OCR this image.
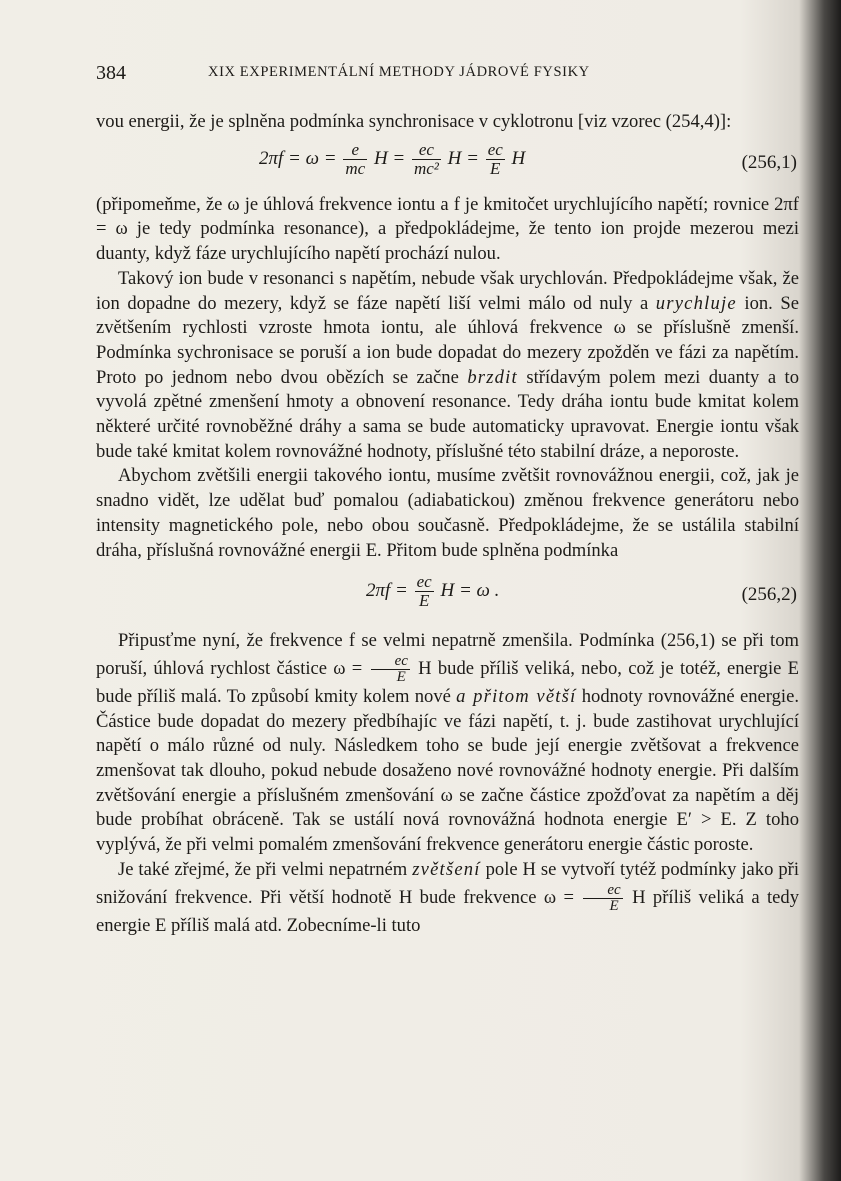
384	XIX EXPERIMENTÁLNÍ METHODY JÁDROVÉ FYSIKY

vou energii, že je splněna podmínka synchronisace v cyklotronu [viz vzorec (254,4)]:

$2\pi f = \omega = \frac{e}{mc}$ $H = \frac{ec}{\text{mc²}}$ $H = \frac{ec}{E}$ H	(256,1)

(připomeňme, že ω je úhlová frekvence iontu a f je kmitočet urychlujícího napětí; rovnice 2πf = ω je tedy podmínka resonance), a předpokládejme, že tento ion projde mezerou mezi duanty, když fáze urychlujícího napětí prochází nulou.

Takový ion bude v resonanci s napětím, nebude však urychlován. Předpokládejme však, že ion dopadne do mezery, když se fáze napětí liší velmi málo od nuly a urychluje ion. Se zvětšením rychlosti vzroste hmota iontu, ale úhlová frekvence ω se příslušně zmenší. Podmínka sychronisace se poruší a ion bude dopadat do mezery zpožděn ve fázi za napětím. Proto po jednom nebo dvou obězích se začne brzdit střídavým polem mezi duanty a to vyvolá zpětné zmenšení hmoty a obnovení resonance. Tedy dráha iontu bude kmitat kolem některé určité rovnoběžné dráhy a sama se bude automaticky upravovat. Energie iontu však bude také kmitat kolem rovnovážné hodnoty, příslušné této stabilní dráze, a neporoste.

Abychom zvětšili energii takového iontu, musíme zvětšit rovnovážnou energii, což, jak je snadno vidět, lze udělat buď pomalou (adiabatickou) změnou frekvence generátoru nebo intensity magnetického pole, nebo obou současně. Předpokládejme, že se ustálila stabilní dráha, příslušná rovnovážné energii E. Přitom bude splněna podmínka

$2\pi f = \frac{ec}{E}$ H = ω .	(256,2)

Připusťme nyní, že frekvence f se velmi nepatrně zmenšila. Podmínka (256,1) se při tom poruší, úhlová rychlost částice $\omega = \frac{ec}{E}$ H bude příliš veliká, nebo, což je totéž, energie E bude příliš malá. To způsobí kmity kolem nové a přitom větší hodnoty rovnovážné energie. Částice bude dopadat do mezery předbíhajíc ve fázi napětí, t. j. bude zastihovat urychlující napětí o málo různé od nuly. Následkem toho se bude její energie zvětšovat a frekvence zmenšovat tak dlouho, pokud nebude dosaženo nové rovnovážné hodnoty energie. Při dalším zvětšování energie a příslušném zmenšování ω se začne částice zpožďovat za napětím a děj bude probíhat obráceně. Tak se ustálí nová rovnovážná hodnota energie E′ > E. Z toho vyplývá, že při velmi pomalém zmenšování frekvence generátoru energie částic poroste.

Je také zřejmé, že při velmi nepatrném zvětšení pole H se vytvoří tytéž podmínky jako při snižování frekvence. Při větší hodnotě H bude frekvence $\omega = \frac{ec}{E}$ H příliš veliká a tedy energie E příliš malá atd. Zobecníme-li tuto
